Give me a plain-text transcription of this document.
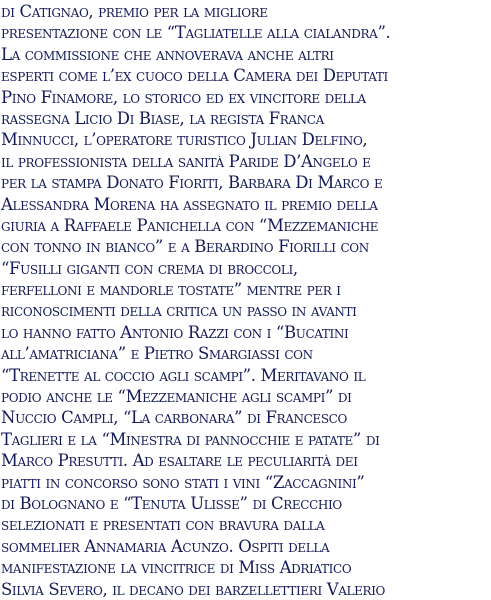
di Catignao, premio per la migliore
presentazione con le “Tagliatelle alla cialandra”.
La commissione che annoverava anche altri
esperti come l’ex cuoco della Camera dei Deputati
Pino Finamore, lo storico ed ex vincitore della
rassegna Licio Di Biase, la regista Franca
Minnucci, l’operatore turistico Julian Delfino,
il professionista della sanità Paride D’Angelo e
per la stampa Donato Fioriti, Barbara Di Marco e
Alessandra Morena ha assegnato il premio della
giuria a Raffaele Panichella con “Mezzemaniche
con tonno in bianco” e a Berardino Fiorilli con
“Fusilli giganti con crema di broccoli,
ferfelloni e mandorle tostate” mentre per i
riconoscimenti della critica un passo in avanti
lo hanno fatto Antonio Razzi con i “Bucatini
all’amatriciana” e Pietro Smargiassi con
“Trenette al coccio agli scampi”. Meritavano il
podio anche le “Mezzemaniche agli scampi” di
Nuccio Campli, “La carbonara” di Francesco
Taglieri e la “Minestra di pannocchie e patate” di
Marco Presutti. Ad esaltare le peculiarità dei
piatti in concorso sono stati i vini “Zaccagnini”
di Bolognano e “Tenuta Ulisse” di Crecchio
selezionati e presentati con bravura dalla
sommelier Annamaria Acunzo. Ospiti della
manifestazione la vincitrice di Miss Adriatico
Silvia Severo, il decano dei barzellettieri Valerio
